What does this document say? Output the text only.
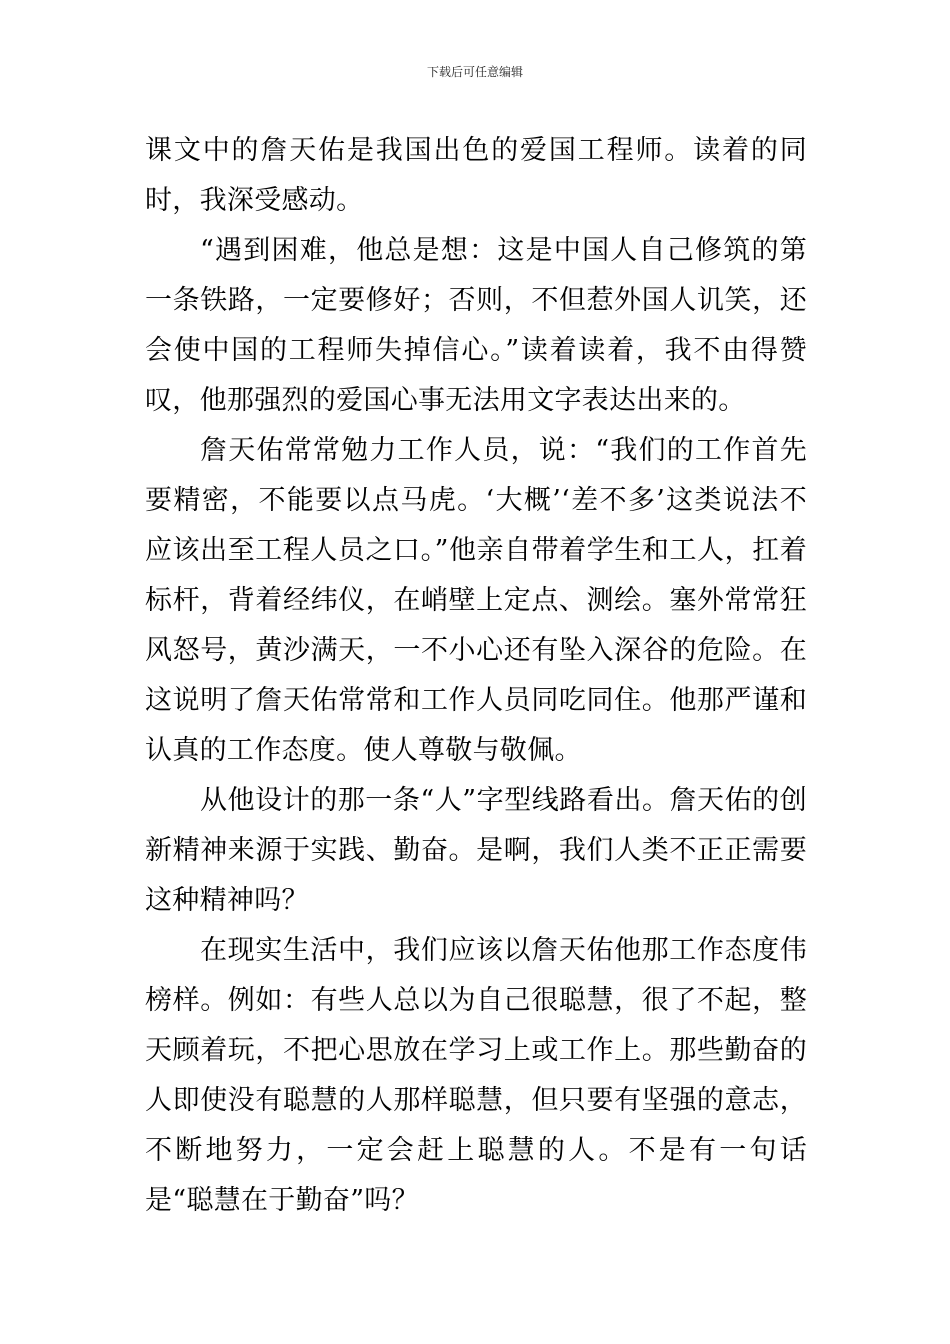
下载后可任意编辑

课文中的詹天佑是我国出色的爱国工程师。读着的同时，我深受感动。

“遇到困难，他总是想：这是中国人自己修筑的第一条铁路，一定要修好；否则，不但惹外国人讥笑，还会使中国的工程师失掉信心。”读着读着，我不由得赞叹，他那强烈的爱国心事无法用文字表达出来的。

詹天佑常常勉力工作人员，说：“我们的工作首先要精密，不能要以点马虎。‘大概’‘差不多’这类说法不应该出至工程人员之口。”他亲自带着学生和工人，扛着标杆，背着经纬仪，在峭壁上定点、测绘。塞外常常狂风怒号，黄沙满天，一不小心还有坠入深谷的危险。在这说明了詹天佑常常和工作人员同吃同住。他那严谨和认真的工作态度。使人尊敬与敬佩。

从他设计的那一条“人”字型线路看出。詹天佑的创新精神来源于实践、勤奋。是啊，我们人类不正正需要这种精神吗？

在现实生活中，我们应该以詹天佑他那工作态度伟榜样。例如：有些人总以为自己很聪慧，很了不起，整天顾着玩，不把心思放在学习上或工作上。那些勤奋的人即使没有聪慧的人那样聪慧，但只要有坚强的意志，不断地努力，一定会赶上聪慧的人。不是有一句话是“聪慧在于勤奋”吗？
